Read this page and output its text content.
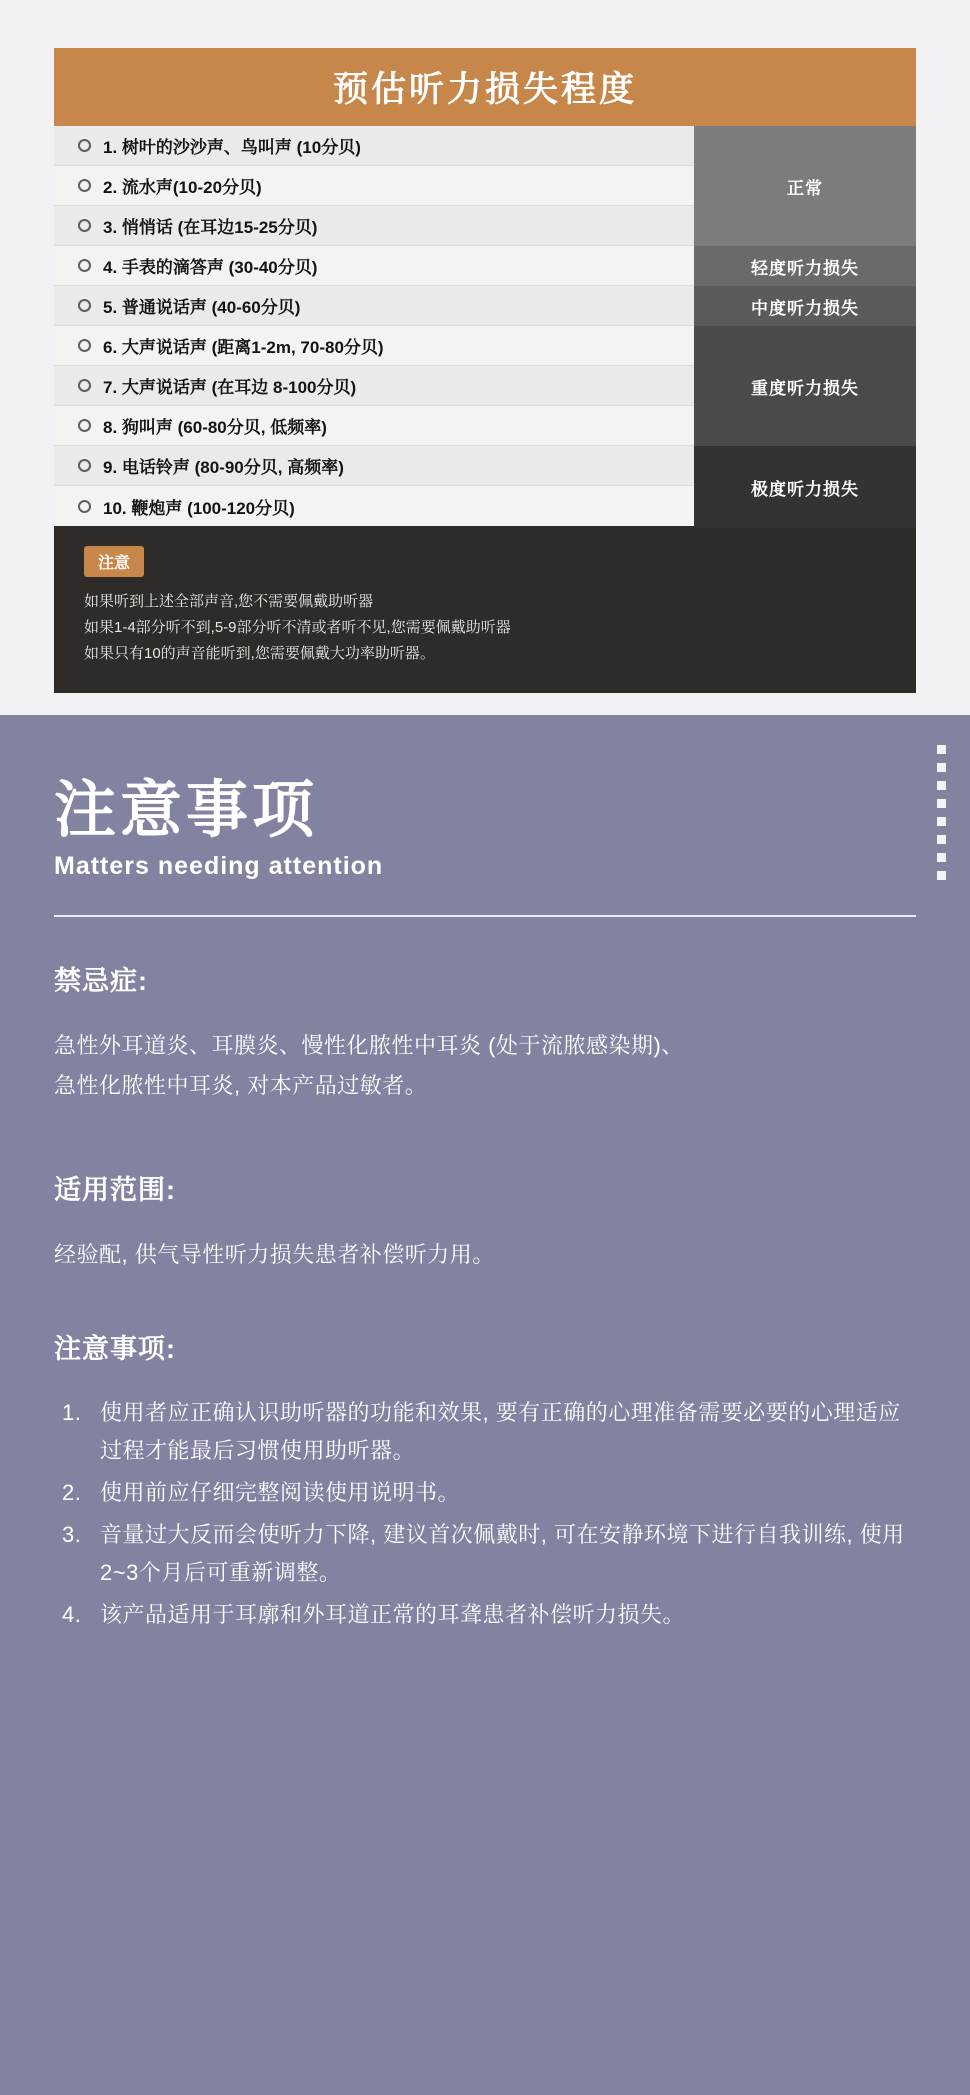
预估听力损失程度
1. 树叶的沙沙声、鸟叫声 (10分贝)
2. 流水声(10-20分贝)
3. 悄悄话 (在耳边15-25分贝)
4. 手表的滴答声 (30-40分贝)
5. 普通说话声 (40-60分贝)
6. 大声说话声 (距离1-2m, 70-80分贝)
7. 大声说话声 (在耳边 8-100分贝)
8. 狗叫声 (60-80分贝, 低频率)
9. 电话铃声 (80-90分贝, 高频率)
10. 鞭炮声 (100-120分贝)
正常
轻度听力损失
中度听力损失
重度听力损失
极度听力损失
注意
如果听到上述全部声音,您不需要佩戴助听器
如果1-4部分听不到,5-9部分听不清或者听不见,您需要佩戴助听器
如果只有10的声音能听到,您需要佩戴大功率助听器。
注意事项
Matters needing attention
禁忌症:
急性外耳道炎、耳膜炎、慢性化脓性中耳炎 (处于流脓感染期)、
急性化脓性中耳炎, 对本产品过敏者。
适用范围:
经验配, 供气导性听力损失患者补偿听力用。
注意事项:
使用者应正确认识助听器的功能和效果, 要有正确的心理准备需要必要的心理适应过程才能最后习惯使用助听器。
使用前应仔细完整阅读使用说明书。
音量过大反而会使听力下降, 建议首次佩戴时, 可在安静环境下进行自我训练, 使用2~3个月后可重新调整。
该产品适用于耳廓和外耳道正常的耳聋患者补偿听力损失。
